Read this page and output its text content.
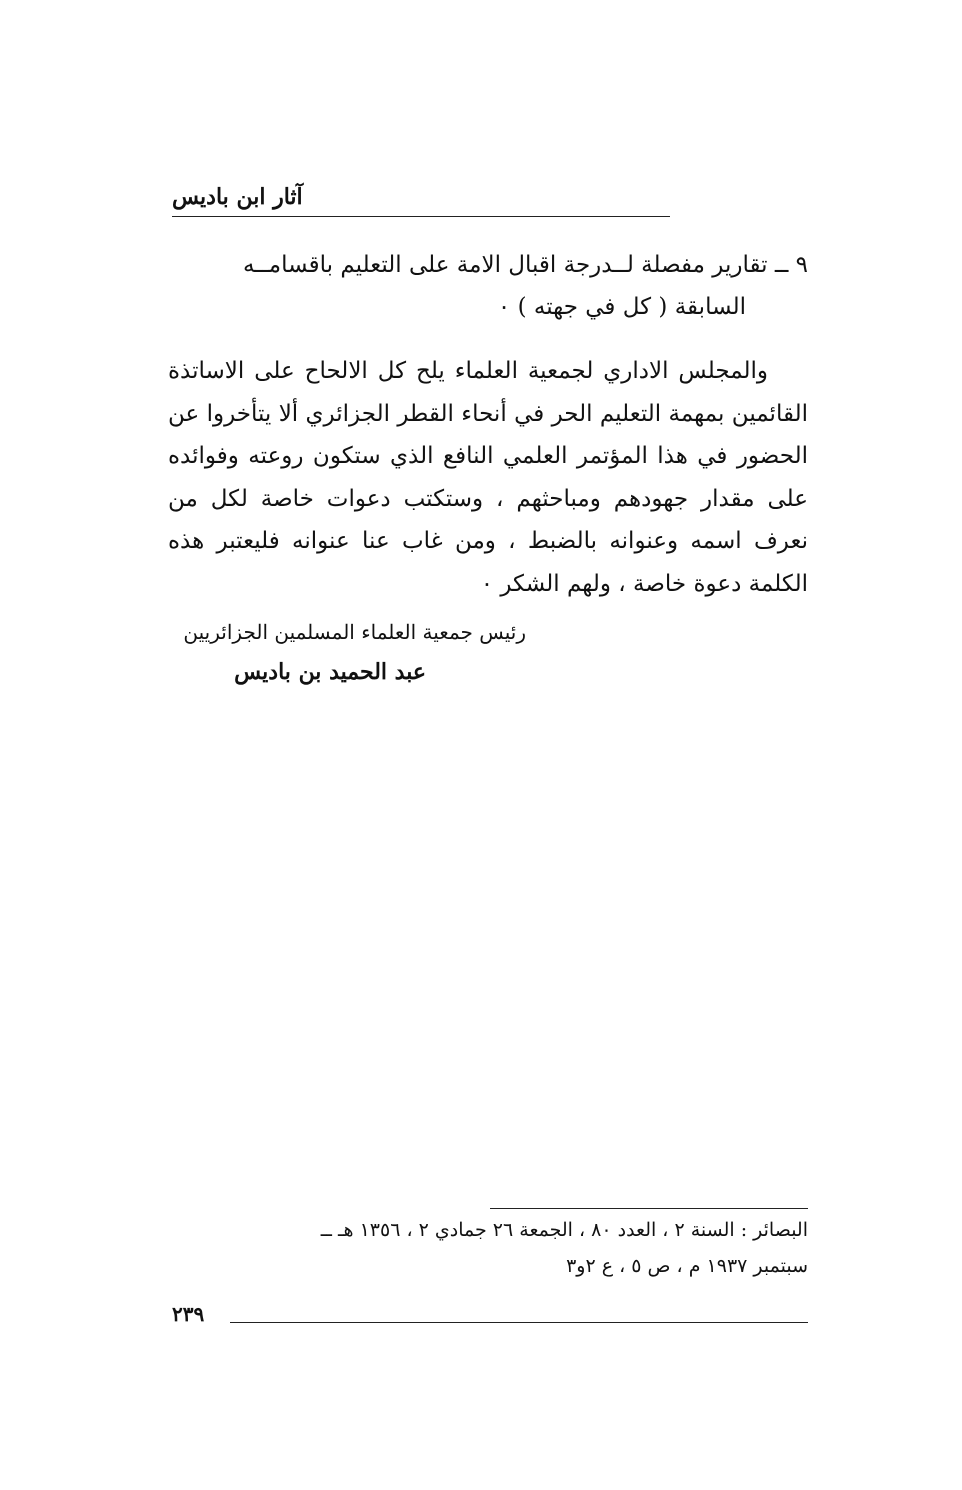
آثار ابن باديس
٩ ــ تقارير مفصلة لــدرجة اقبال الامة على التعليم باقسامــه
السابقة ( كل في جهته ) ٠
والمجلس الاداري لجمعية العلماء يلح كل الالحاح على الاساتذة القائمين بمهمة التعليم الحر في أنحاء القطر الجزائري ألا يتأخروا عن الحضور في هذا المؤتمر العلمي النافع الذي ستكون روعته وفوائده على مقدار جهودهم ومباحثهم ، وستكتب دعوات خاصة لكل من نعرف اسمه وعنوانه بالضبط ، ومن غاب عنا عنوانه فليعتبر هذه الكلمة دعوة خاصة ، ولهم الشكر ٠
رئيس جمعية العلماء المسلمين الجزائريين
عبد الحميد بن باديس
البصائر : السنة ٢ ، العدد ٨٠ ، الجمعة ٢٦ جمادي ٢ ، ١٣٥٦ هـ ــ
سبتمبر ١٩٣٧ م ، ص ٥ ، ع ٢و٣
٢٣٩
